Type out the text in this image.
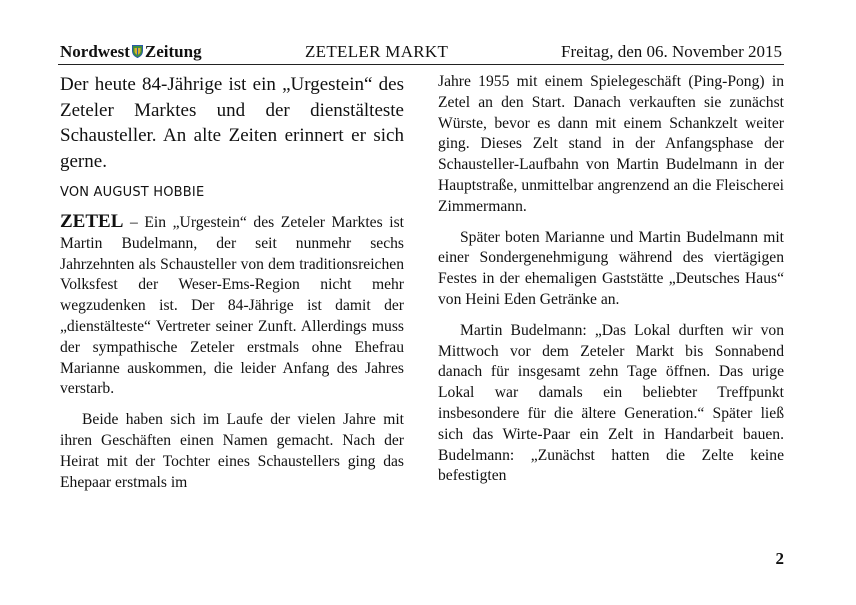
Nordwest Zeitung	ZETELER MARKT	Freitag, den 06. November 2015

Der heute 84-Jährige ist ein „Urgestein“ des Zeteler Marktes und der dienstälteste Schausteller. An alte Zeiten erinnert er sich gerne.

VON AUGUST HOBBIE

ZETEL – Ein „Urgestein“ des Zeteler Marktes ist Martin Budelmann, der seit nunmehr sechs Jahrzehnten als Schausteller von dem traditionsreichen Volksfest der Weser-Ems-Region nicht mehr wegzudenken ist. Der 84-Jährige ist damit der „dienstälteste“ Vertreter seiner Zunft. Allerdings muss der sympathische Zeteler erstmals ohne Ehefrau Marianne auskommen, die leider Anfang des Jahres verstarb.

Beide haben sich im Laufe der vielen Jahre mit ihren Geschäften einen Namen gemacht. Nach der Heirat mit der Tochter eines Schaustellers ging das Ehepaar erstmals im

Jahre 1955 mit einem Spielegeschäft (Ping-Pong) in Zetel an den Start. Danach verkauften sie zunächst Würste, bevor es dann mit einem Schankzelt weiter ging. Dieses Zelt stand in der Anfangsphase der Schausteller-Laufbahn von Martin Budelmann in der Hauptstraße, unmittelbar angrenzend an die Fleischerei Zimmermann.

Später boten Marianne und Martin Budelmann mit einer Sondergenehmigung während des viertägigen Festes in der ehemaligen Gaststätte „Deutsches Haus“ von Heini Eden Getränke an.

Martin Budelmann: „Das Lokal durften wir von Mittwoch vor dem Zeteler Markt bis Sonnabend danach für insgesamt zehn Tage öffnen. Das urige Lokal war damals ein beliebter Treffpunkt insbesondere für die ältere Generation.“ Später ließ sich das Wirte-Paar ein Zelt in Handarbeit bauen. Budelmann: „Zunächst hatten die Zelte keine befestigten

2
